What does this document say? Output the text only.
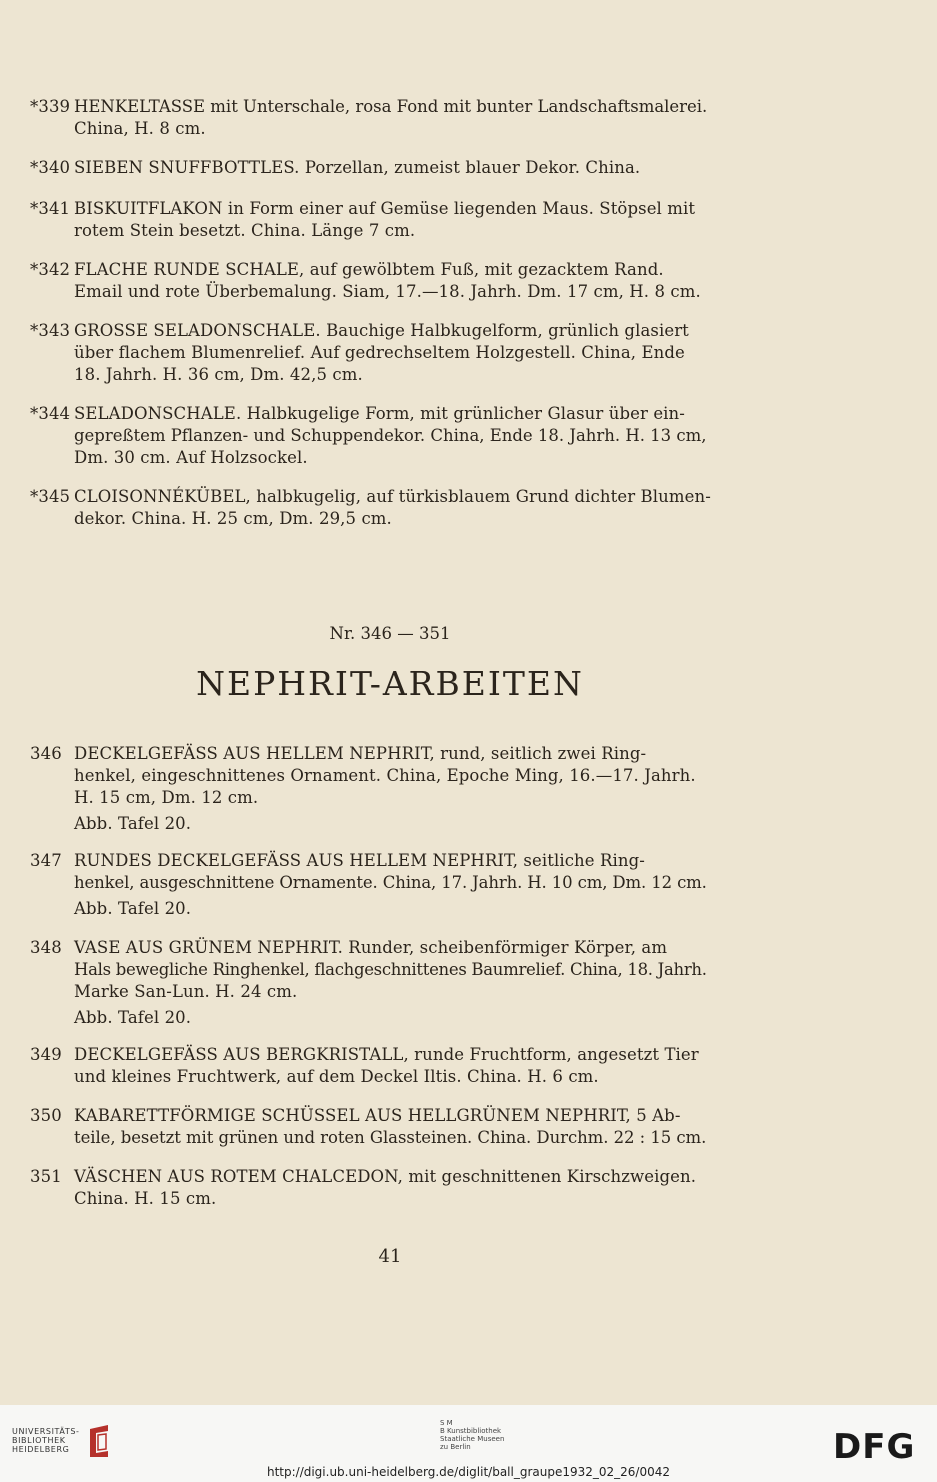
*339 HENKELTASSE mit Unterschale, rosa Fond mit bunter Landschaftsmalerei.
China, H. 8 cm.
*340 SIEBEN SNUFFBOTTLES. Porzellan, zumeist blauer Dekor. China.
*341 BISKUITFLAKON in Form einer auf Gemüse liegenden Maus. Stöpsel mit
rotem Stein besetzt. China. Länge 7 cm.
*342 FLACHE RUNDE SCHALE, auf gewölbtem Fuß, mit gezacktem Rand.
Email und rote Überbemalung. Siam, 17.—18. Jahrh. Dm. 17 cm, H. 8 cm.
*343 GROSSE SELADONSCHALE. Bauchige Halbkugelform, grünlich glasiert
über flachem Blumenrelief. Auf gedrechseltem Holzgestell. China, Ende
18. Jahrh. H. 36 cm, Dm. 42,5 cm.
*344 SELADONSCHALE. Halbkugelige Form, mit grünlicher Glasur über ein-
gepreßtem Pflanzen- und Schuppendekor. China, Ende 18. Jahrh. H. 13 cm,
Dm. 30 cm. Auf Holzsockel.
*345 CLOISONNÉKÜBEL, halbkugelig, auf türkisblauem Grund dichter Blumen-
dekor. China. H. 25 cm, Dm. 29,5 cm.
Nr. 346 — 351
NEPHRIT-ARBEITEN
346 DECKELGEFÄSS AUS HELLEM NEPHRIT, rund, seitlich zwei Ring-
henkel, eingeschnittenes Ornament. China, Epoche Ming, 16.—17. Jahrh.
H. 15 cm, Dm. 12 cm.
Abb. Tafel 20.
347 RUNDES DECKELGEFÄSS AUS HELLEM NEPHRIT, seitliche Ring-
henkel, ausgeschnittene Ornamente. China, 17. Jahrh. H. 10 cm, Dm. 12 cm.
Abb. Tafel 20.
348 VASE AUS GRÜNEM NEPHRIT. Runder, scheibenförmiger Körper, am
Hals bewegliche Ringhenkel, flachgeschnittenes Baumrelief. China, 18. Jahrh.
Marke San-Lun. H. 24 cm.
Abb. Tafel 20.
349 DECKELGEFÄSS AUS BERGKRISTALL, runde Fruchtform, angesetzt Tier
und kleines Fruchtwerk, auf dem Deckel Iltis. China. H. 6 cm.
350 KABARETTFÖRMIGE SCHÜSSEL AUS HELLGRÜNEM NEPHRIT, 5 Ab-
teile, besetzt mit grünen und roten Glassteinen. China. Durchm. 22 : 15 cm.
351 VÄSCHEN AUS ROTEM CHALCEDON, mit geschnittenen Kirschzweigen.
China. H. 15 cm.
41
UNIVERSITÄTS-
BIBLIOTHEK
HEIDELBERG
S M
B Kunstbibliothek
Staatliche Museen
zu Berlin	DFG
http://digi.ub.uni-heidelberg.de/diglit/ball_graupe1932_02_26/0042
